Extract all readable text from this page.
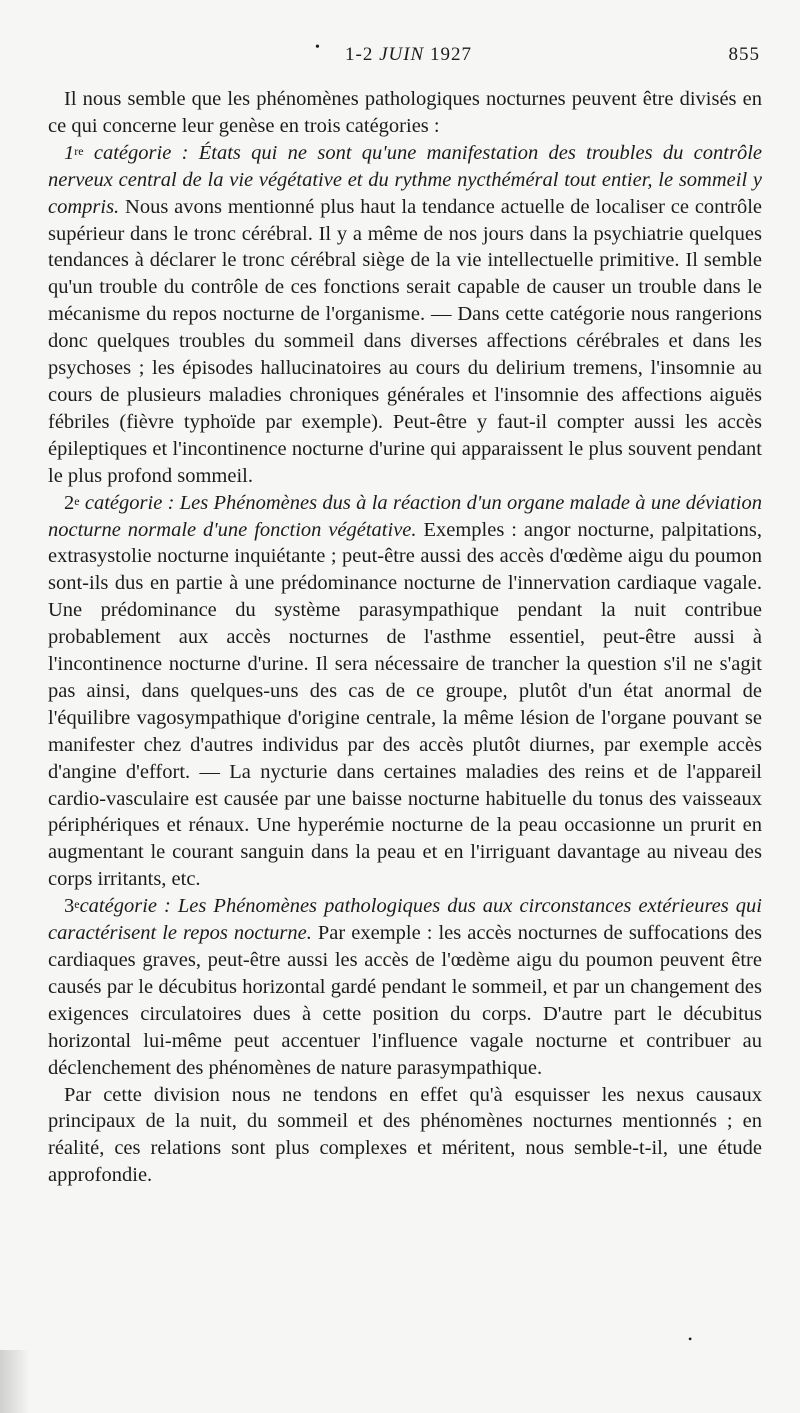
• 1-2 JUIN 1927	855

Il nous semble que les phénomènes pathologiques nocturnes peuvent être divisés en ce qui concerne leur genèse en trois catégories :

1re catégorie : États qui ne sont qu'une manifestation des troubles du contrôle nerveux central de la vie végétative et du rythme nycthéméral tout entier, le sommeil y compris. Nous avons mentionné plus haut la tendance actuelle de localiser ce contrôle supérieur dans le tronc cérébral. Il y a même de nos jours dans la psychiatrie quelques tendances à déclarer le tronc cérébral siège de la vie intellectuelle primitive. Il semble qu'un trouble du contrôle de ces fonctions serait capable de causer un trouble dans le mécanisme du repos nocturne de l'organisme. — Dans cette catégorie nous rangerions donc quelques troubles du sommeil dans diverses affections cérébrales et dans les psychoses ; les épisodes hallucinatoires au cours du delirium tremens, l'insomnie au cours de plusieurs maladies chroniques générales et l'insomnie des affections aiguës fébriles (fièvre typhoïde par exemple). Peut-être y faut-il compter aussi les accès épileptiques et l'incontinence nocturne d'urine qui apparaissent le plus souvent pendant le plus profond sommeil.

2e catégorie : Les Phénomènes dus à la réaction d'un organe malade à une déviation nocturne normale d'une fonction végétative. Exemples : angor nocturne, palpitations, extrasystolie nocturne inquiétante ; peut-être aussi des accès d'œdème aigu du poumon sont-ils dus en partie à une prédominance nocturne de l'innervation cardiaque vagale. Une prédominance du système parasympathique pendant la nuit contribue probablement aux accès nocturnes de l'asthme essentiel, peut-être aussi à l'incontinence nocturne d'urine. Il sera nécessaire de trancher la question s'il ne s'agit pas ainsi, dans quelques-uns des cas de ce groupe, plutôt d'un état anormal de l'équilibre vagosympathique d'origine centrale, la même lésion de l'organe pouvant se manifester chez d'autres individus par des accès plutôt diurnes, par exemple accès d'angine d'effort. — La nycturie dans certaines maladies des reins et de l'appareil cardio-vasculaire est causée par une baisse nocturne habituelle du tonus des vaisseaux périphériques et rénaux. Une hyperémie nocturne de la peau occasionne un prurit en augmentant le courant sanguin dans la peau et en l'irriguant davantage au niveau des corps irritants, etc.

3ecatégorie : Les Phénomènes pathologiques dus aux circonstances extérieures qui caractérisent le repos nocturne. Par exemple : les accès nocturnes de suffocations des cardiaques graves, peut-être aussi les accès de l'œdème aigu du poumon peuvent être causés par le décubitus horizontal gardé pendant le sommeil, et par un changement des exigences circulatoires dues à cette position du corps. D'autre part le décubitus horizontal lui-même peut accentuer l'influence vagale nocturne et contribuer au déclenchement des phénomènes de nature parasympathique.

Par cette division nous ne tendons en effet qu'à esquisser les nexus causaux principaux de la nuit, du sommeil et des phénomènes nocturnes mentionnés ; en réalité, ces relations sont plus complexes et méritent, nous semble-t-il, une étude approfondie.

•
